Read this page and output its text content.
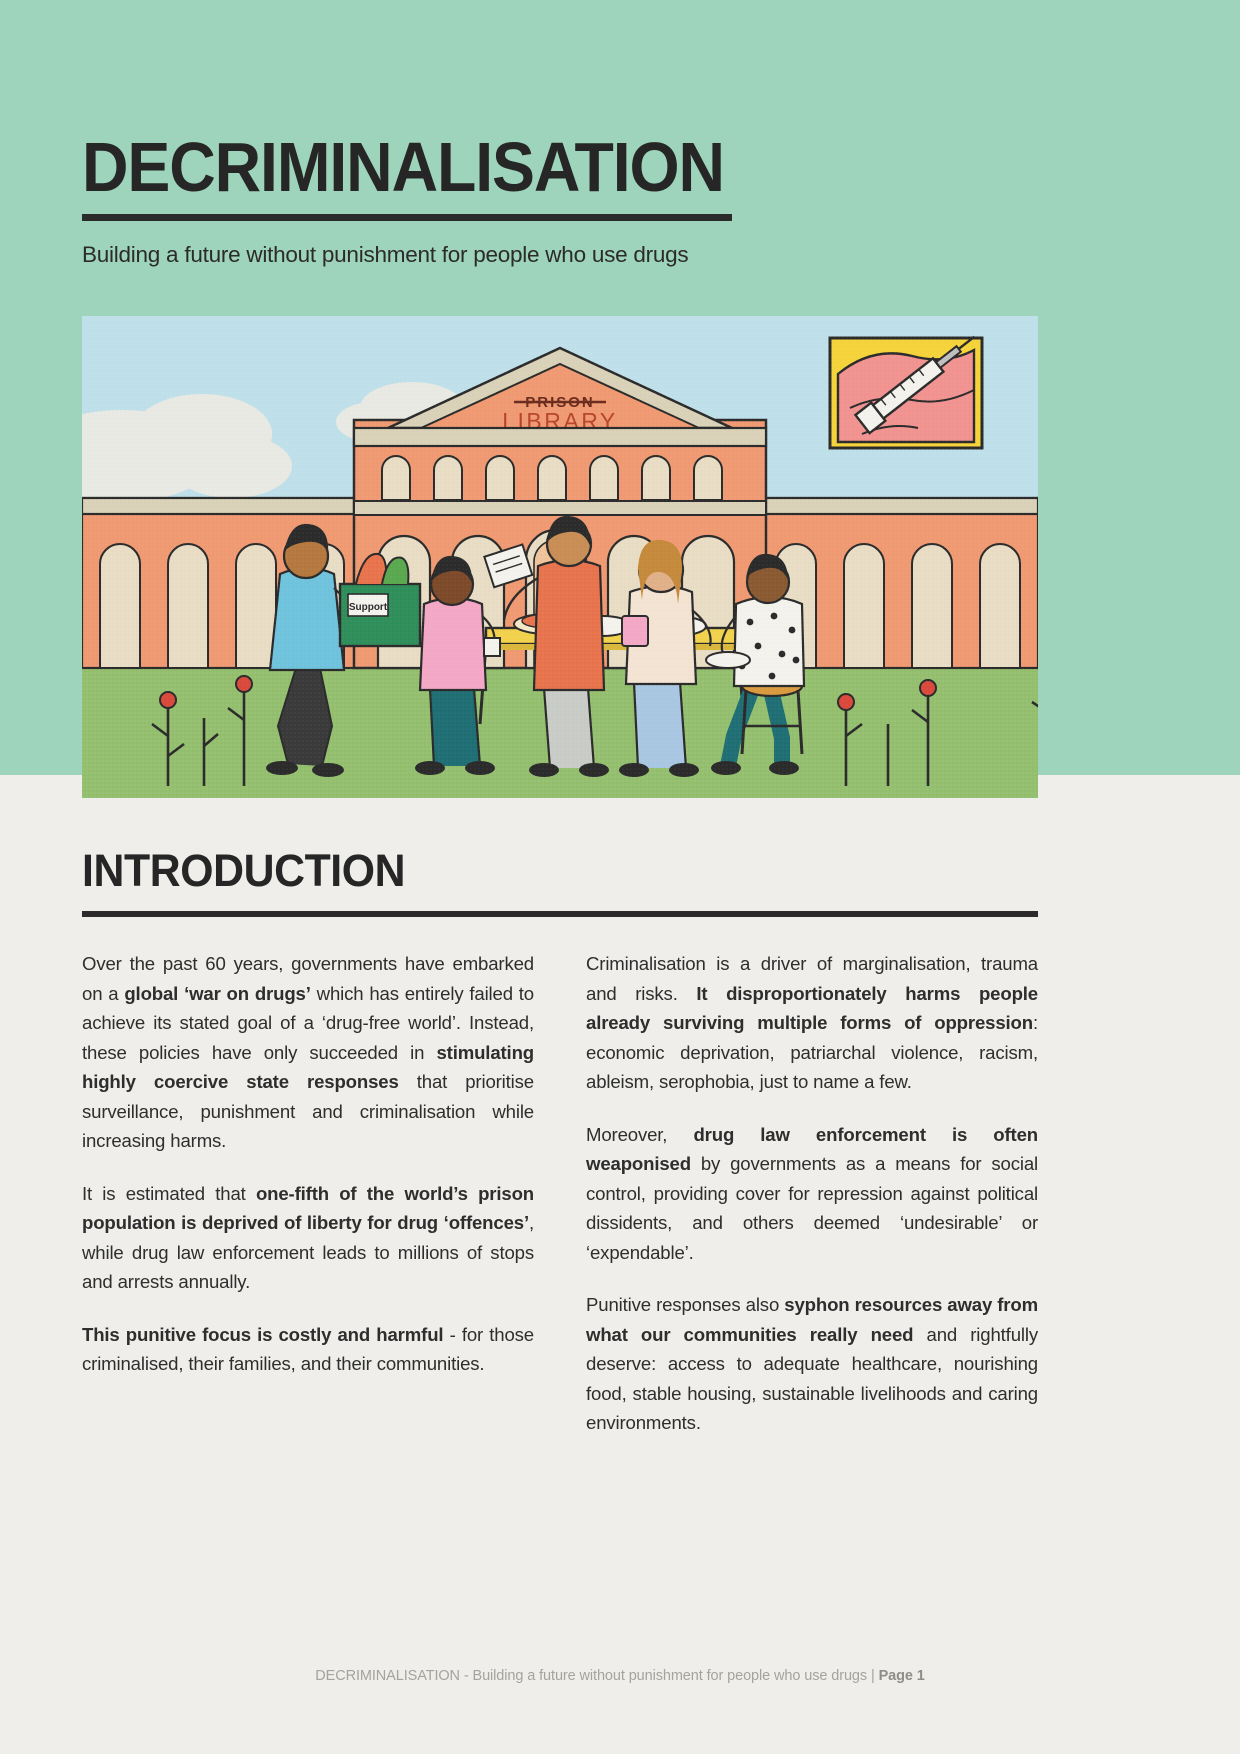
DECRIMINALISATION
Building a future without punishment for people who use drugs
INTRODUCTION

Over the past 60 years, governments have embarked on a global ‘war on drugs’ which has entirely failed to achieve its stated goal of a ‘drug-free world’. Instead, these policies have only succeeded in stimulating highly coercive state responses that prioritise surveillance, punishment and criminalisation while increasing harms.

It is estimated that one-fifth of the world’s prison population is deprived of liberty for drug ‘offences’, while drug law enforcement leads to millions of stops and arrests annually.

This punitive focus is costly and harmful - for those criminalised, their families, and their communities.

Criminalisation is a driver of marginalisation, trauma and risks. It disproportionately harms people already surviving multiple forms of oppression: economic deprivation, patriarchal violence, racism, ableism, serophobia, just to name a few.

Moreover, drug law enforcement is often weaponised by governments as a means for social control, providing cover for repression against political dissidents, and others deemed ‘undesirable’ or ‘expendable’.

Punitive responses also syphon resources away from what our communities really need and rightfully deserve: access to adequate healthcare, nourishing food, stable housing, sustainable livelihoods and caring environments.

DECRIMINALISATION - Building a future without punishment for people who use drugs | Page 1
